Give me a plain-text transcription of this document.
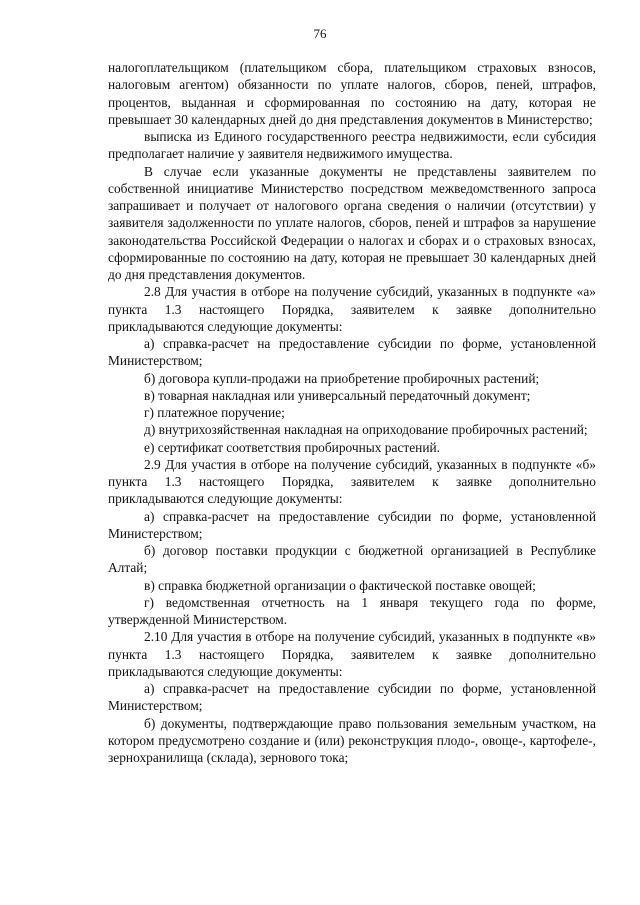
76

налогоплательщиком (плательщиком сбора, плательщиком страховых взносов, налоговым агентом) обязанности по уплате налогов, сборов, пеней, штрафов, процентов, выданная и сформированная по состоянию на дату, которая не превышает 30 календарных дней до дня представления документов в Министерство;

выписка из Единого государственного реестра недвижимости, если субсидия предполагает наличие у заявителя недвижимого имущества.

В случае если указанные документы не представлены заявителем по собственной инициативе Министерство посредством межведомственного запроса запрашивает и получает от налогового органа сведения о наличии (отсутствии) у заявителя задолженности по уплате налогов, сборов, пеней и штрафов за нарушение законодательства Российской Федерации о налогах и сборах и о страховых взносах, сформированные по состоянию на дату, которая не превышает 30 календарных дней до дня представления документов.

2.8 Для участия в отборе на получение субсидий, указанных в подпункте «а» пункта 1.3 настоящего Порядка, заявителем к заявке дополнительно прикладываются следующие документы:

а) справка-расчет на предоставление субсидии по форме, установленной Министерством;

б) договора купли-продажи на приобретение пробирочных растений;

в) товарная накладная или универсальный передаточный документ;

г) платежное поручение;

д) внутрихозяйственная накладная на оприходование пробирочных растений;

е) сертификат соответствия пробирочных растений.

2.9 Для участия в отборе на получение субсидий, указанных в подпункте «б» пункта 1.3 настоящего Порядка, заявителем к заявке дополнительно прикладываются следующие документы:

а) справка-расчет на предоставление субсидии по форме, установленной Министерством;

б) договор поставки продукции с бюджетной организацией в Республике Алтай;

в) справка бюджетной организации о фактической поставке овощей;

г) ведомственная отчетность на 1 января текущего года по форме, утвержденной Министерством.

2.10 Для участия в отборе на получение субсидий, указанных в подпункте «в» пункта 1.3 настоящего Порядка, заявителем к заявке дополнительно прикладываются следующие документы:

а) справка-расчет на предоставление субсидии по форме, установленной Министерством;

б) документы, подтверждающие право пользования земельным участком, на котором предусмотрено создание и (или) реконструкция плодо-, овоще-, картофеле-, зернохранилища (склада), зернового тока;
